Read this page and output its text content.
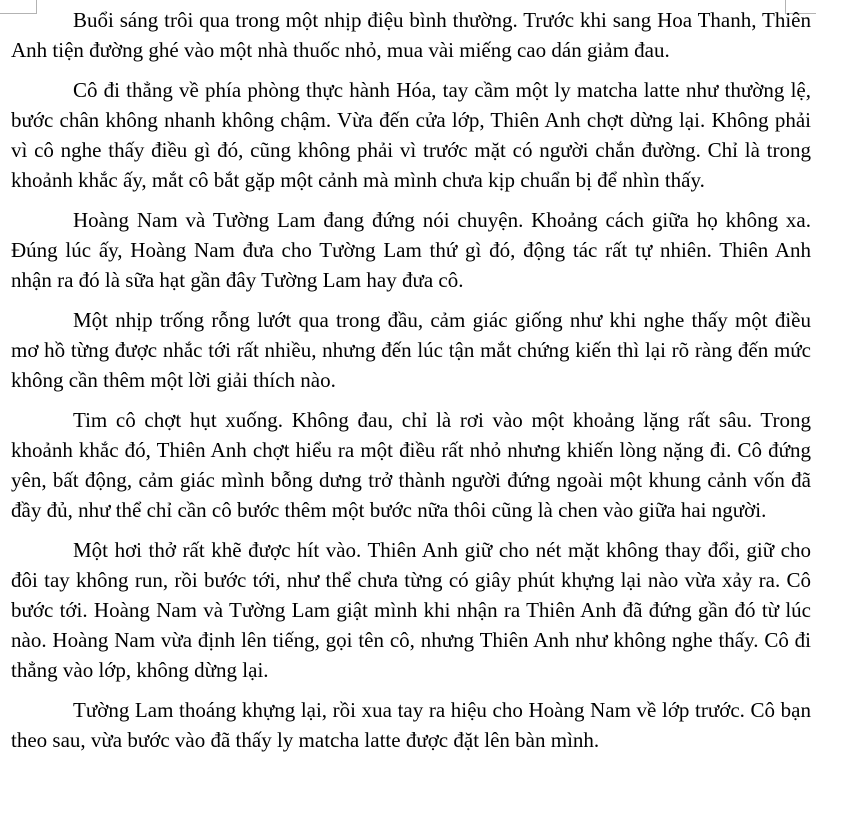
Buổi sáng trôi qua trong một nhịp điệu bình thường. Trước khi sang Hoa Thanh, Thiên Anh tiện đường ghé vào một nhà thuốc nhỏ, mua vài miếng cao dán giảm đau.

Cô đi thẳng về phía phòng thực hành Hóa, tay cầm một ly matcha latte như thường lệ, bước chân không nhanh không chậm. Vừa đến cửa lớp, Thiên Anh chợt dừng lại. Không phải vì cô nghe thấy điều gì đó, cũng không phải vì trước mặt có người chắn đường. Chỉ là trong khoảnh khắc ấy, mắt cô bắt gặp một cảnh mà mình chưa kịp chuẩn bị để nhìn thấy.

Hoàng Nam và Tường Lam đang đứng nói chuyện. Khoảng cách giữa họ không xa. Đúng lúc ấy, Hoàng Nam đưa cho Tường Lam thứ gì đó, động tác rất tự nhiên. Thiên Anh nhận ra đó là sữa hạt gần đây Tường Lam hay đưa cô.

Một nhịp trống rỗng lướt qua trong đầu, cảm giác giống như khi nghe thấy một điều mơ hồ từng được nhắc tới rất nhiều, nhưng đến lúc tận mắt chứng kiến thì lại rõ ràng đến mức không cần thêm một lời giải thích nào.

Tim cô chợt hụt xuống. Không đau, chỉ là rơi vào một khoảng lặng rất sâu. Trong khoảnh khắc đó, Thiên Anh chợt hiểu ra một điều rất nhỏ nhưng khiến lòng nặng đi. Cô đứng yên, bất động, cảm giác mình bỗng dưng trở thành người đứng ngoài một khung cảnh vốn đã đầy đủ, như thể chỉ cần cô bước thêm một bước nữa thôi cũng là chen vào giữa hai người.

Một hơi thở rất khẽ được hít vào. Thiên Anh giữ cho nét mặt không thay đổi, giữ cho đôi tay không run, rồi bước tới, như thể chưa từng có giây phút khựng lại nào vừa xảy ra. Cô bước tới. Hoàng Nam và Tường Lam giật mình khi nhận ra Thiên Anh đã đứng gần đó từ lúc nào. Hoàng Nam vừa định lên tiếng, gọi tên cô, nhưng Thiên Anh như không nghe thấy. Cô đi thẳng vào lớp, không dừng lại.

Tường Lam thoáng khựng lại, rồi xua tay ra hiệu cho Hoàng Nam về lớp trước. Cô bạn theo sau, vừa bước vào đã thấy ly matcha latte được đặt lên bàn mình.
